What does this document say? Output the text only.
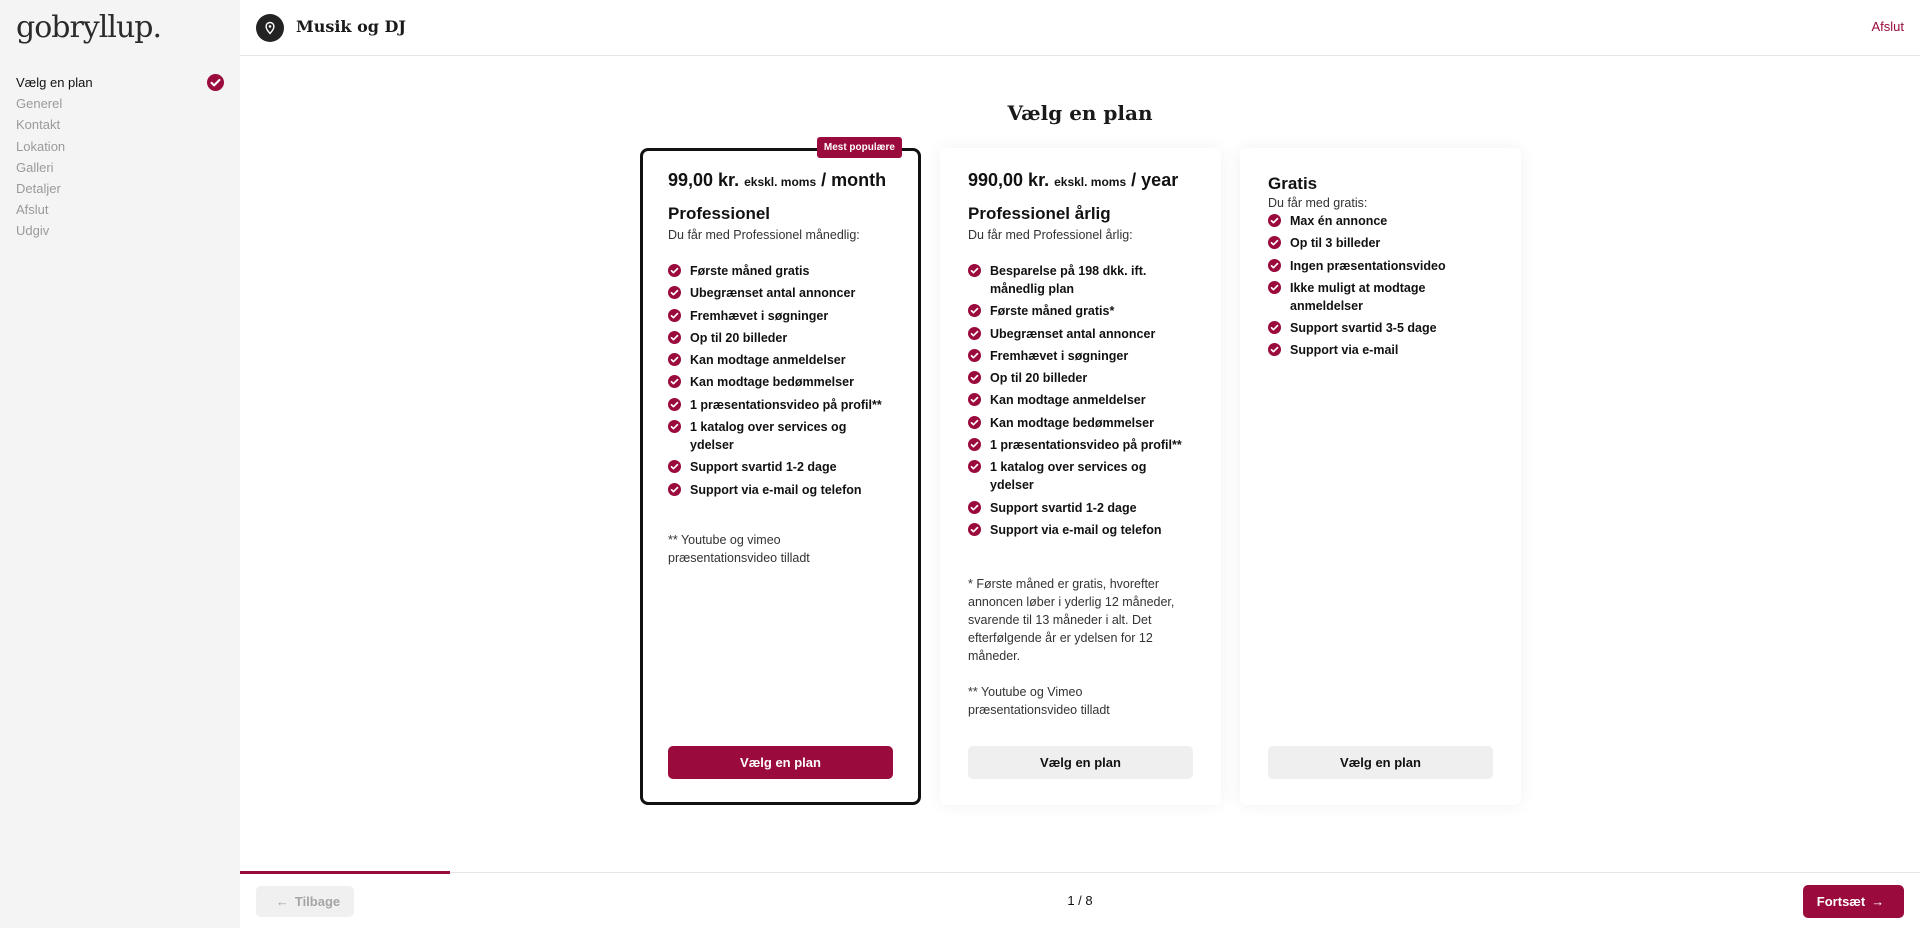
gobryllup.
Vælg en plan
Generel
Kontakt
Lokation
Galleri
Detaljer
Afslut
Udgiv
Musik og DJ	Afslut
Vælg en plan
Mest populære
99,00 kr. ekskl. moms / month
Professionel
Du får med Professionel månedlig:
Første måned gratis
Ubegrænset antal annoncer
Fremhævet i søgninger
Op til 20 billeder
Kan modtage anmeldelser
Kan modtage bedømmelser
1 præsentationsvideo på profil**
1 katalog over services og ydelser
Support svartid 1-2 dage
Support via e-mail og telefon
** Youtube og vimeo præsentationsvideo tilladt
Vælg en plan
990,00 kr. ekskl. moms / year
Professionel årlig
Du får med Professionel årlig:
Besparelse på 198 dkk. ift. månedlig plan
Første måned gratis*
Ubegrænset antal annoncer
Fremhævet i søgninger
Op til 20 billeder
Kan modtage anmeldelser
Kan modtage bedømmelser
1 præsentationsvideo på profil**
1 katalog over services og ydelser
Support svartid 1-2 dage
Support via e-mail og telefon
* Første måned er gratis, hvorefter annoncen løber i yderlig 12 måneder, svarende til 13 måneder i alt. Det efterfølgende år er ydelsen for 12 måneder.
** Youtube og Vimeo præsentationsvideo tilladt
Vælg en plan
Gratis
Du får med gratis:
Max én annonce
Op til 3 billeder
Ingen præsentationsvideo
Ikke muligt at modtage anmeldelser
Support svartid 3-5 dage
Support via e-mail
Vælg en plan
← Tilbage	1 / 8	Fortsæt →
